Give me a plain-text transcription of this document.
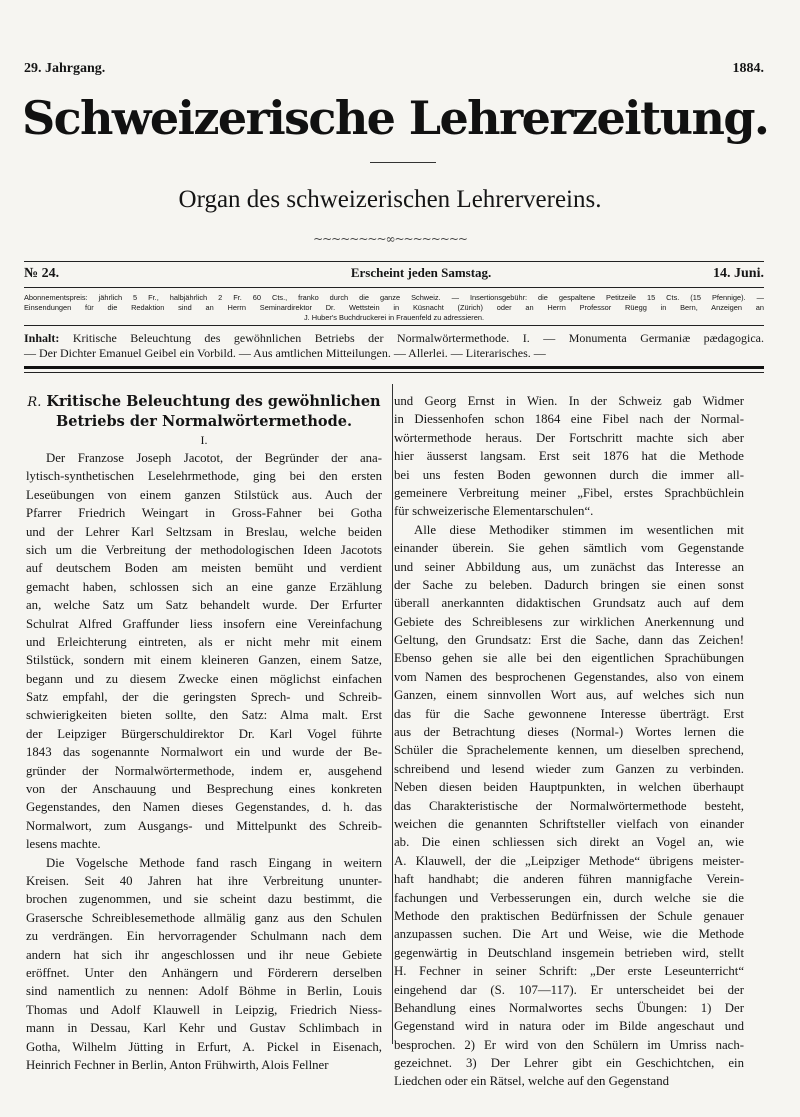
29. Jahrgang.	1884.
Schweizerische Lehrerzeitung.
Organ des schweizerischen Lehrervereins.
~~~~~~~~∞~~~~~~~~
№ 24.	Erscheint jeden Samstag.	14. Juni.
Abonnementspreis: jährlich 5 Fr., halbjährlich 2 Fr. 60 Cts., franko durch die ganze Schweiz. — Insertionsgebühr: die gespaltene Petitzeile 15 Cts. (15 Pfennige). —
Einsendungen für die Redaktion sind an Herrn Seminardirektor Dr. Wettstein in Küsnacht (Zürich) oder an Herrn Professor Rüegg in Bern, Anzeigen an
J. Huber's Buchdruckerei in Frauenfeld zu adressieren.
Inhalt: Kritische Beleuchtung des gewöhnlichen Betriebs der Normalwörtermethode. I. — Monumenta Germaniæ pædagogica.
— Der Dichter Emanuel Geibel ein Vorbild. — Aus amtlichen Mitteilungen. — Allerlei. — Literarisches. —
R. Kritische Beleuchtung des gewöhnlichen
Betriebs der Normalwörtermethode.
I.
Der Franzose Joseph Jacotot, der Begründer der ana-
lytisch-synthetischen Leselehrmethode, ging bei den ersten
Leseübungen von einem ganzen Stilstück aus. Auch der
Pfarrer Friedrich Weingart in Gross-Fahner bei Gotha
und der Lehrer Karl Seltzsam in Breslau, welche beiden
sich um die Verbreitung der methodologischen Ideen Jacotots
auf deutschem Boden am meisten bemüht und verdient
gemacht haben, schlossen sich an eine ganze Erzählung
an, welche Satz um Satz behandelt wurde. Der Erfurter
Schulrat Alfred Graffunder liess insofern eine Vereinfachung
und Erleichterung eintreten, als er nicht mehr mit einem
Stilstück, sondern mit einem kleineren Ganzen, einem Satze,
begann und zu diesem Zwecke einen möglichst einfachen
Satz empfahl, der die geringsten Sprech- und Schreib-
schwierigkeiten bieten sollte, den Satz: Alma malt. Erst
der Leipziger Bürgerschuldirektor Dr. Karl Vogel führte
1843 das sogenannte Normalwort ein und wurde der Be-
gründer der Normalwörtermethode, indem er, ausgehend
von der Anschauung und Besprechung eines konkreten
Gegenstandes, den Namen dieses Gegenstandes, d. h. das
Normalwort, zum Ausgangs- und Mittelpunkt des Schreib-
lesens machte.
Die Vogelsche Methode fand rasch Eingang in weitern
Kreisen. Seit 40 Jahren hat ihre Verbreitung ununter-
brochen zugenommen, und sie scheint dazu bestimmt, die
Grasersche Schreiblesemethode allmälig ganz aus den Schulen
zu verdrängen. Ein hervorragender Schulmann nach dem
andern hat sich ihr angeschlossen und ihr neue Gebiete
eröffnet. Unter den Anhängern und Förderern derselben
sind namentlich zu nennen: Adolf Böhme in Berlin, Louis
Thomas und Adolf Klauwell in Leipzig, Friedrich Niess-
mann in Dessau, Karl Kehr und Gustav Schlimbach in
Gotha, Wilhelm Jütting in Erfurt, A. Pickel in Eisenach,
Heinrich Fechner in Berlin, Anton Frühwirth, Alois Fellner
und Georg Ernst in Wien. In der Schweiz gab Widmer
in Diessenhofen schon 1864 eine Fibel nach der Normal-
wörtermethode heraus. Der Fortschritt machte sich aber
hier äusserst langsam. Erst seit 1876 hat die Methode
bei uns festen Boden gewonnen durch die immer all-
gemeinere Verbreitung meiner „Fibel, erstes Sprachbüchlein
für schweizerische Elementarschulen“.
Alle diese Methodiker stimmen im wesentlichen mit
einander überein. Sie gehen sämtlich vom Gegenstande
und seiner Abbildung aus, um zunächst das Interesse an
der Sache zu beleben. Dadurch bringen sie einen sonst
überall anerkannten didaktischen Grundsatz auch auf dem
Gebiete des Schreiblesens zur wirklichen Anerkennung und
Geltung, den Grundsatz: Erst die Sache, dann das Zeichen!
Ebenso gehen sie alle bei den eigentlichen Sprachübungen
vom Namen des besprochenen Gegenstandes, also von einem
Ganzen, einem sinnvollen Wort aus, auf welches sich nun
das für die Sache gewonnene Interesse überträgt. Erst
aus der Betrachtung dieses (Normal-) Wortes lernen die
Schüler die Sprachelemente kennen, um dieselben sprechend,
schreibend und lesend wieder zum Ganzen zu verbinden.
Neben diesen beiden Hauptpunkten, in welchen überhaupt
das Charakteristische der Normalwörtermethode besteht,
weichen die genannten Schriftsteller vielfach von einander
ab. Die einen schliessen sich direkt an Vogel an, wie
A. Klauwell, der die „Leipziger Methode“ übrigens meister-
haft handhabt; die anderen führen mannigfache Verein-
fachungen und Verbesserungen ein, durch welche sie die
Methode den praktischen Bedürfnissen der Schule genauer
anzupassen suchen. Die Art und Weise, wie die Methode
gegenwärtig in Deutschland insgemein betrieben wird, stellt
H. Fechner in seiner Schrift: „Der erste Leseunterricht“
eingehend dar (S. 107—117). Er unterscheidet bei der
Behandlung eines Normalwortes sechs Übungen: 1) Der
Gegenstand wird in natura oder im Bilde angeschaut und
besprochen. 2) Er wird von den Schülern im Umriss nach-
gezeichnet. 3) Der Lehrer gibt ein Geschichtchen, ein
Liedchen oder ein Rätsel, welche auf den Gegenstand
